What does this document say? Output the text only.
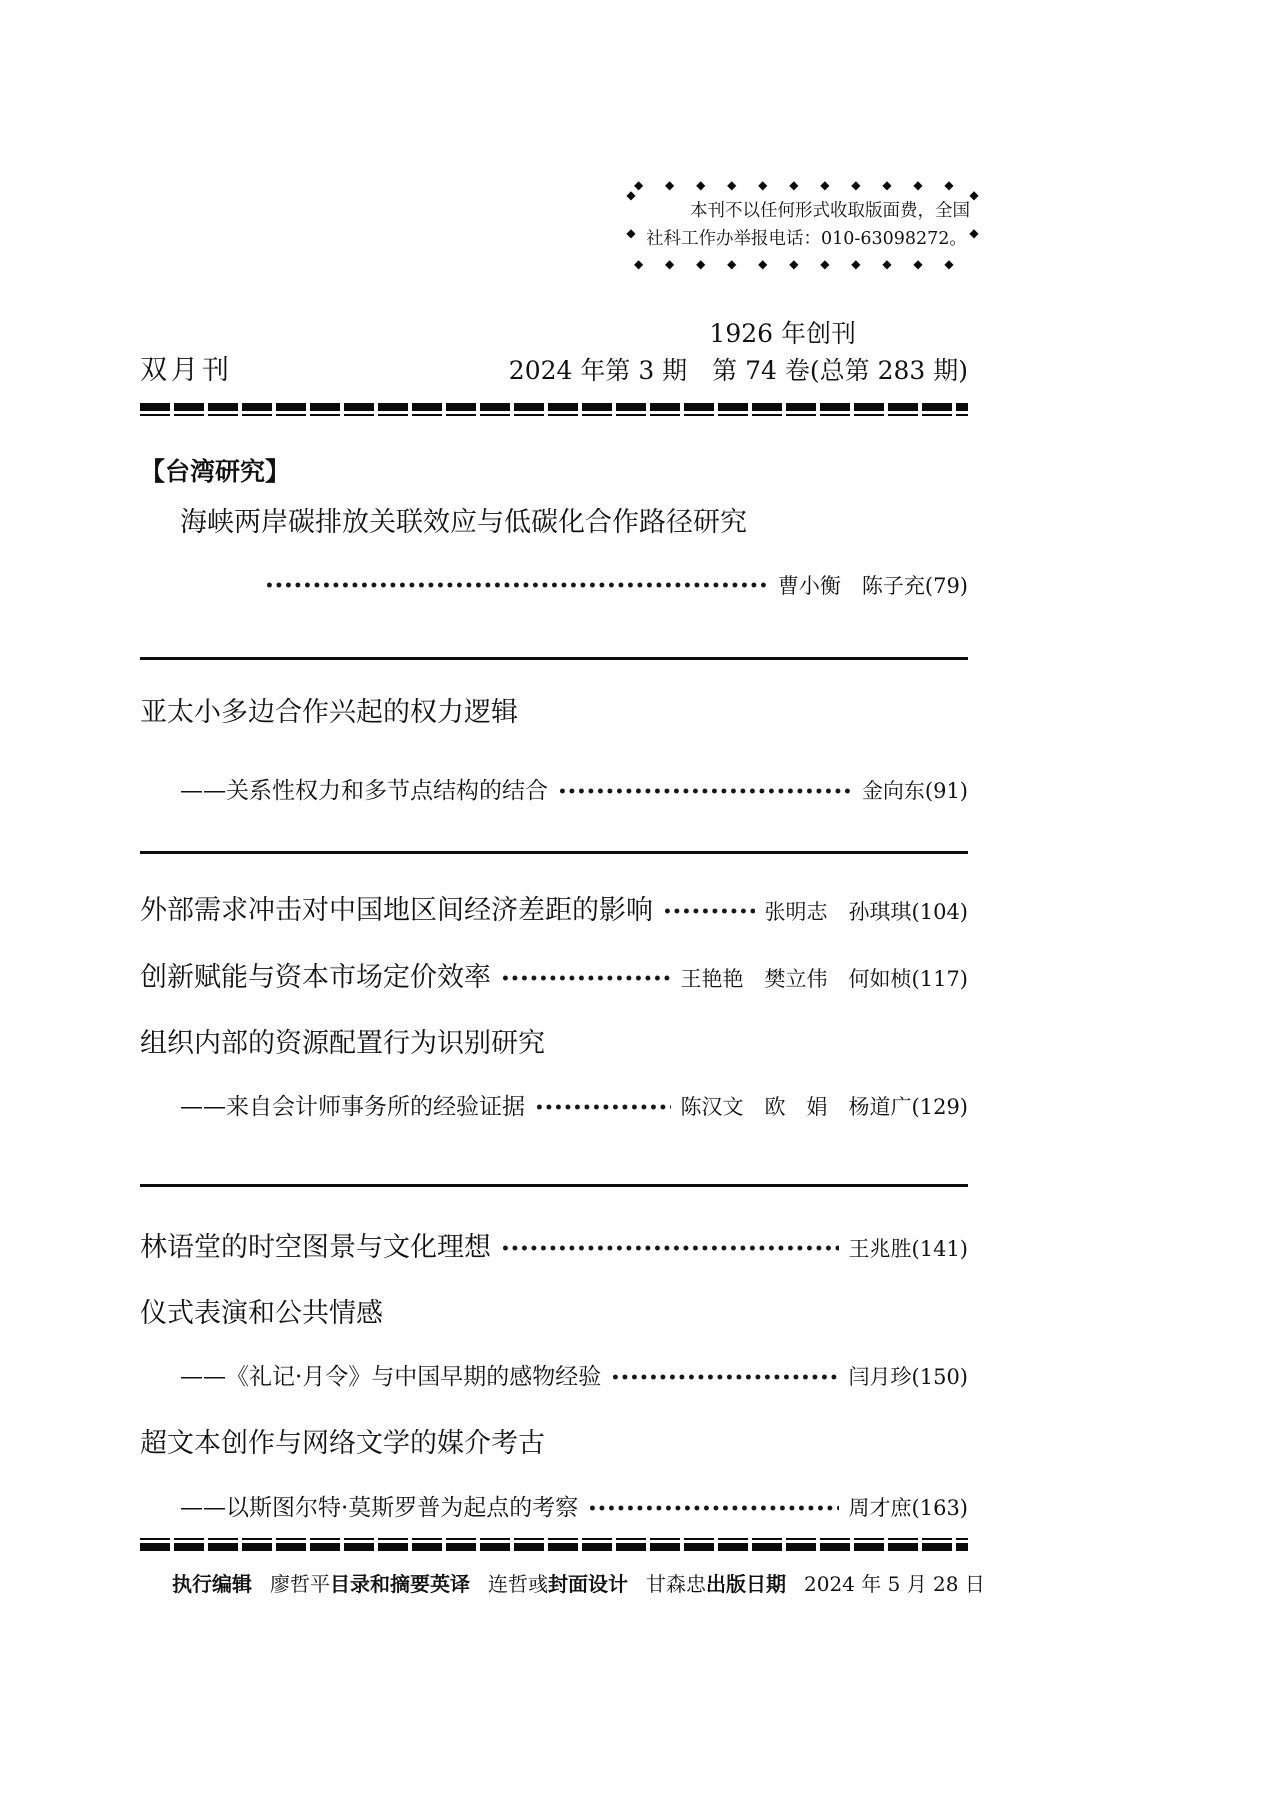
◆ ◆ ◆ ◆ ◆ ◆ ◆ ◆ ◆ ◆ ◆ ◆ ◆ ◆ ◆ ◆ ◆ ◆
◆ ◆ ◆ ◆ ◆ ◆ ◆ ◆ ◆ ◆ ◆ ◆ ◆ ◆ ◆ ◆ ◆ ◆
◆ ◆ ◆
◆ ◆ ◆
本刊不以任何形式收取版面费，全国
社科工作办举报电话：010-63098272。
1926 年创刊
双月刊	2024 年第 3 期　第 74 卷(总第 283 期)
【台湾研究】
海峡两岸碳排放关联效应与低碳化合作路径研究
曹小衡　陈子充 (79)
亚太小多边合作兴起的权力逻辑
——关系性权力和多节点结构的结合	金向东 (91)
外部需求冲击对中国地区间经济差距的影响	张明志　孙琪琪 (104)
创新赋能与资本市场定价效率	王艳艳　樊立伟　何如桢 (117)
组织内部的资源配置行为识别研究
——来自会计师事务所的经验证据	陈汉文　欧　娟　杨道广 (129)
林语堂的时空图景与文化理想	王兆胜 (141)
仪式表演和公共情感
——《礼记·月令》与中国早期的感物经验	闫月珍 (150)
超文本创作与网络文学的媒介考古
——以斯图尔特·莫斯罗普为起点的考察	周才庶 (163)
执行编辑 廖哲平 目录和摘要英译 连哲彧 封面设计 甘森忠 出版日期 2024 年 5 月 28 日
